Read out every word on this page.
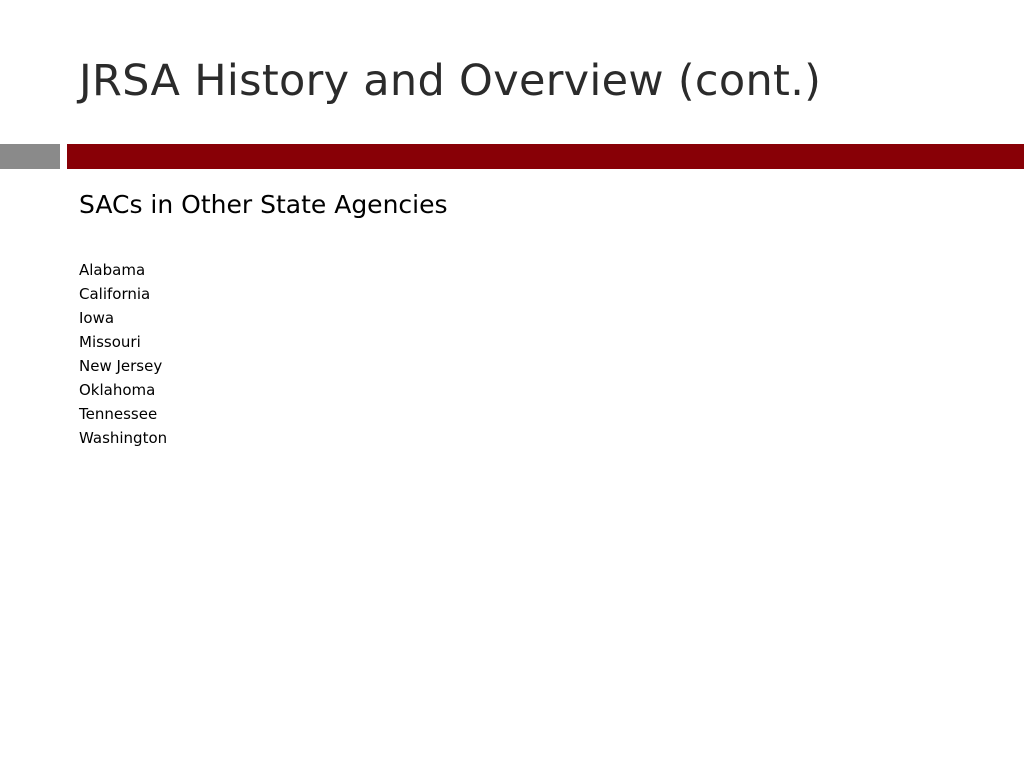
JRSA History and Overview (cont.)
SACs in Other State Agencies
Alabama
California
Iowa
Missouri
New Jersey
Oklahoma
Tennessee
Washington
